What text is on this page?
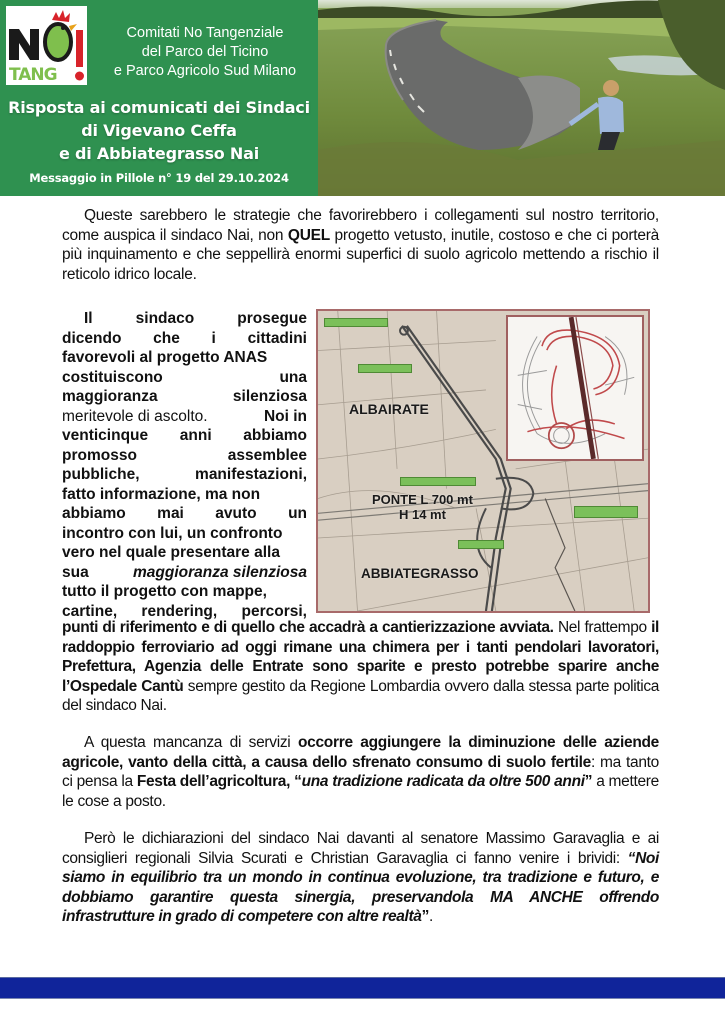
TANG
Comitati No Tangenziale
del Parco del Ticino
e Parco Agricolo Sud Milano
Risposta ai comunicati dei Sindaci
di Vigevano Ceffa
e di Abbiategrasso Nai
Messaggio in Pillole n° 19 del 29.10.2024
Queste sarebbero le strategie che favorirebbero i collegamenti sul nostro territorio, come auspica il sindaco Nai, non QUEL progetto vetusto, inutile, costoso e che ci porterà più inquinamento e che seppellirà enormi superfici di suolo agricolo mettendo a rischio il reticolo idrico locale.
Il	sindaco	prosegue
dicendo che i cittadini
favorevoli al progetto ANAS
costituiscono	una
maggioranza	silenziosa
meritevole di ascolto.	Noi in
venticinque anni abbiamo
promosso	assemblee
pubbliche,	manifestazioni,
fatto informazione, ma non
abbiamo mai avuto un
incontro con lui, un confronto
vero nel quale presentare alla
sua	maggioranza silenziosa
tutto il progetto con mappe,
cartine, rendering, percorsi,
ALBAIRATE
PONTE L 700 mt
H 14 mt
ABBIATEGRASSO
punti di riferimento e di quello che accadrà a cantierizzazione avviata. Nel frattempo il raddoppio ferroviario ad oggi rimane una chimera per i tanti pendolari lavoratori, Prefettura, Agenzia delle Entrate sono sparite e presto potrebbe sparire anche l’Ospedale Cantù sempre gestito da Regione Lombardia ovvero dalla stessa parte politica del sindaco Nai.
A questa mancanza di servizi occorre aggiungere la diminuzione delle aziende agricole, vanto della città, a causa dello sfrenato consumo di suolo fertile: ma tanto ci pensa la Festa dell’agricoltura, “una tradizione radicata da oltre 500 anni” a mettere le cose a posto.
Però le dichiarazioni del sindaco Nai davanti al senatore Massimo Garavaglia e ai consiglieri regionali Silvia Scurati e Christian Garavaglia ci fanno venire i brividi: “Noi siamo in equilibrio tra un mondo in continua evoluzione, tra tradizione e futuro, e dobbiamo garantire questa sinergia, preservandola MA ANCHE offrendo infrastrutture in grado di competere con altre realtà”.
